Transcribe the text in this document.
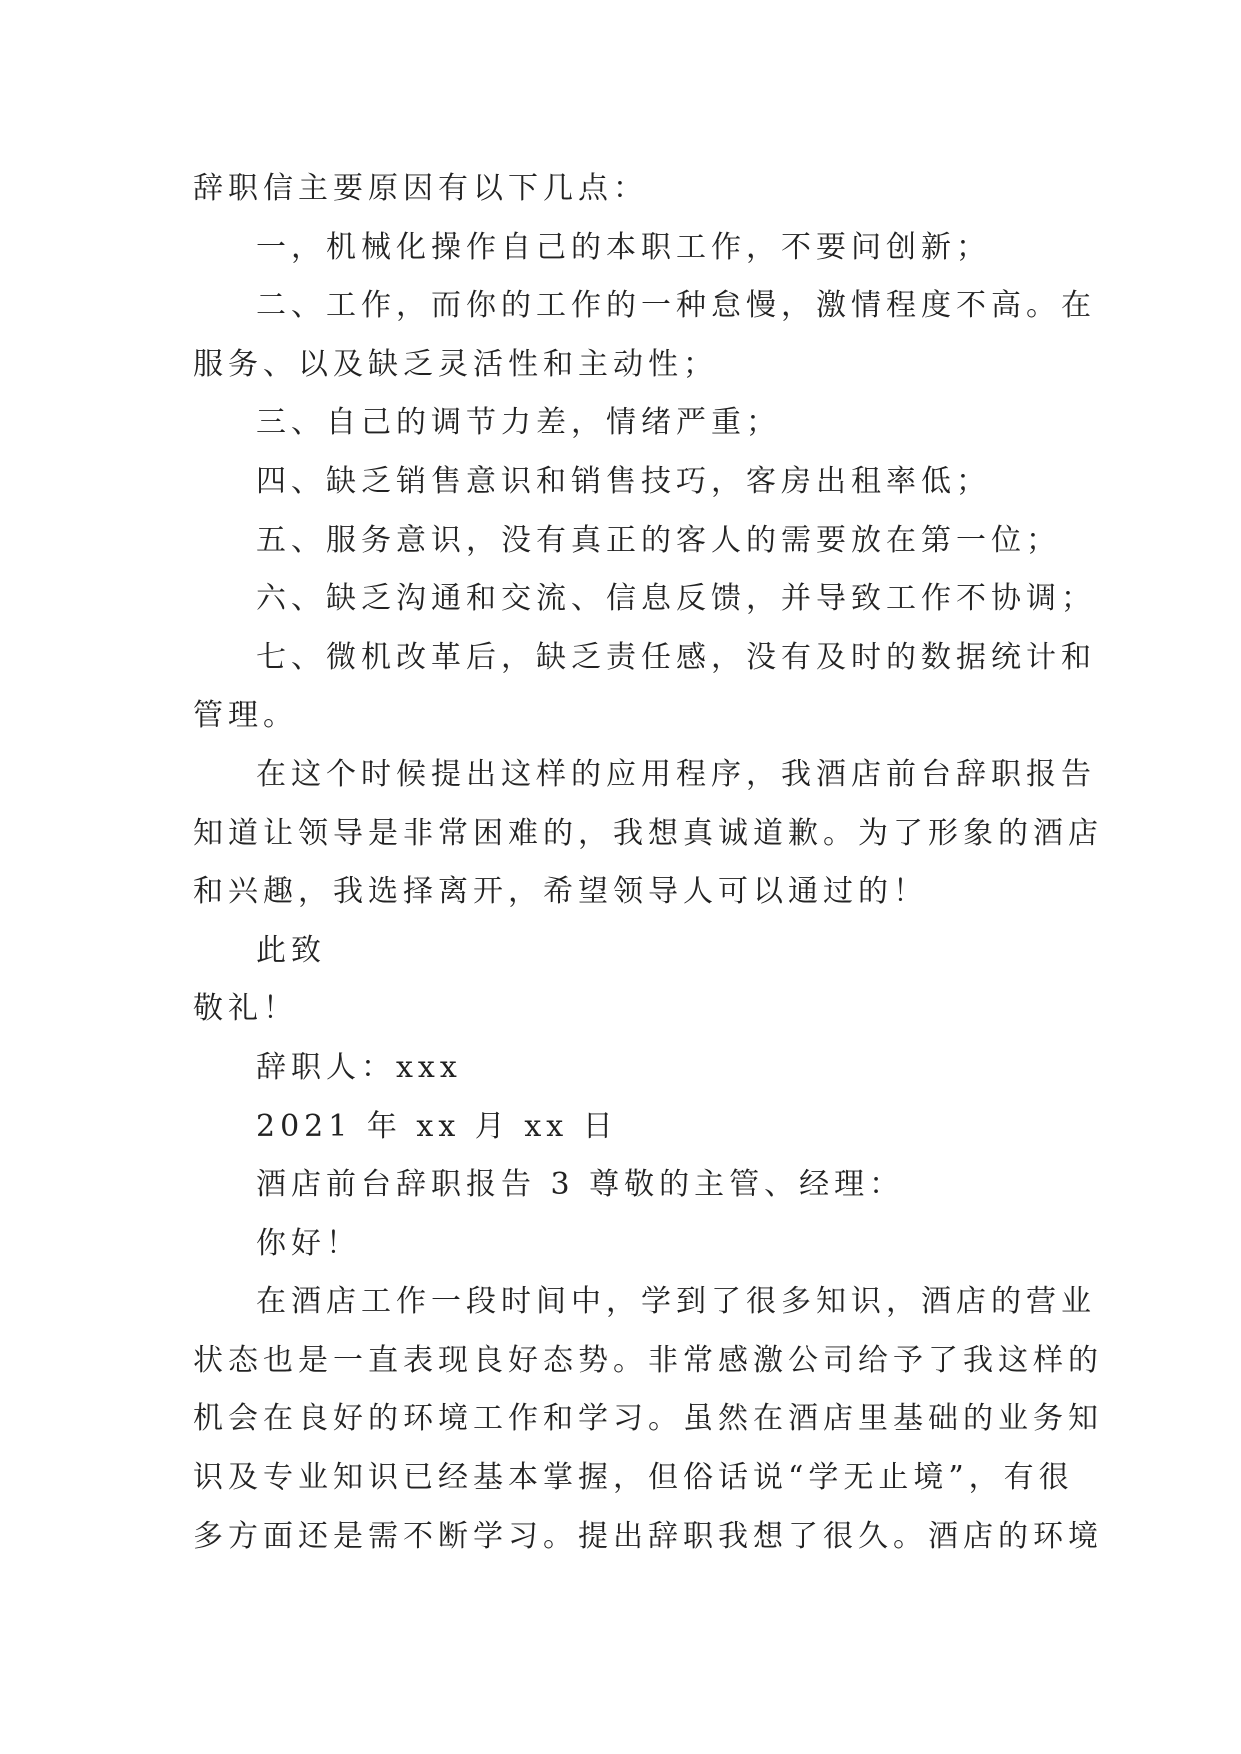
辞职信主要原因有以下几点：

一，机械化操作自己的本职工作，不要问创新；

二、工作，而你的工作的一种怠慢，激情程度不高。在

服务、以及缺乏灵活性和主动性；

三、自己的调节力差，情绪严重；

四、缺乏销售意识和销售技巧，客房出租率低；

五、服务意识，没有真正的客人的需要放在第一位；

六、缺乏沟通和交流、信息反馈，并导致工作不协调；

七、微机改革后，缺乏责任感，没有及时的数据统计和

管理。

在这个时候提出这样的应用程序，我酒店前台辞职报告

知道让领导是非常困难的，我想真诚道歉。为了形象的酒店

和兴趣，我选择离开，希望领导人可以通过的！

此致

敬礼！

辞职人：xxx

2021 年 xx 月 xx 日

酒店前台辞职报告 3 尊敬的主管、经理：

你好！

在酒店工作一段时间中，学到了很多知识，酒店的营业

状态也是一直表现良好态势。非常感激公司给予了我这样的

机会在良好的环境工作和学习。虽然在酒店里基础的业务知

识及专业知识已经基本掌握，但俗话说“学无止境”，有很

多方面还是需不断学习。提出辞职我想了很久。酒店的环境
